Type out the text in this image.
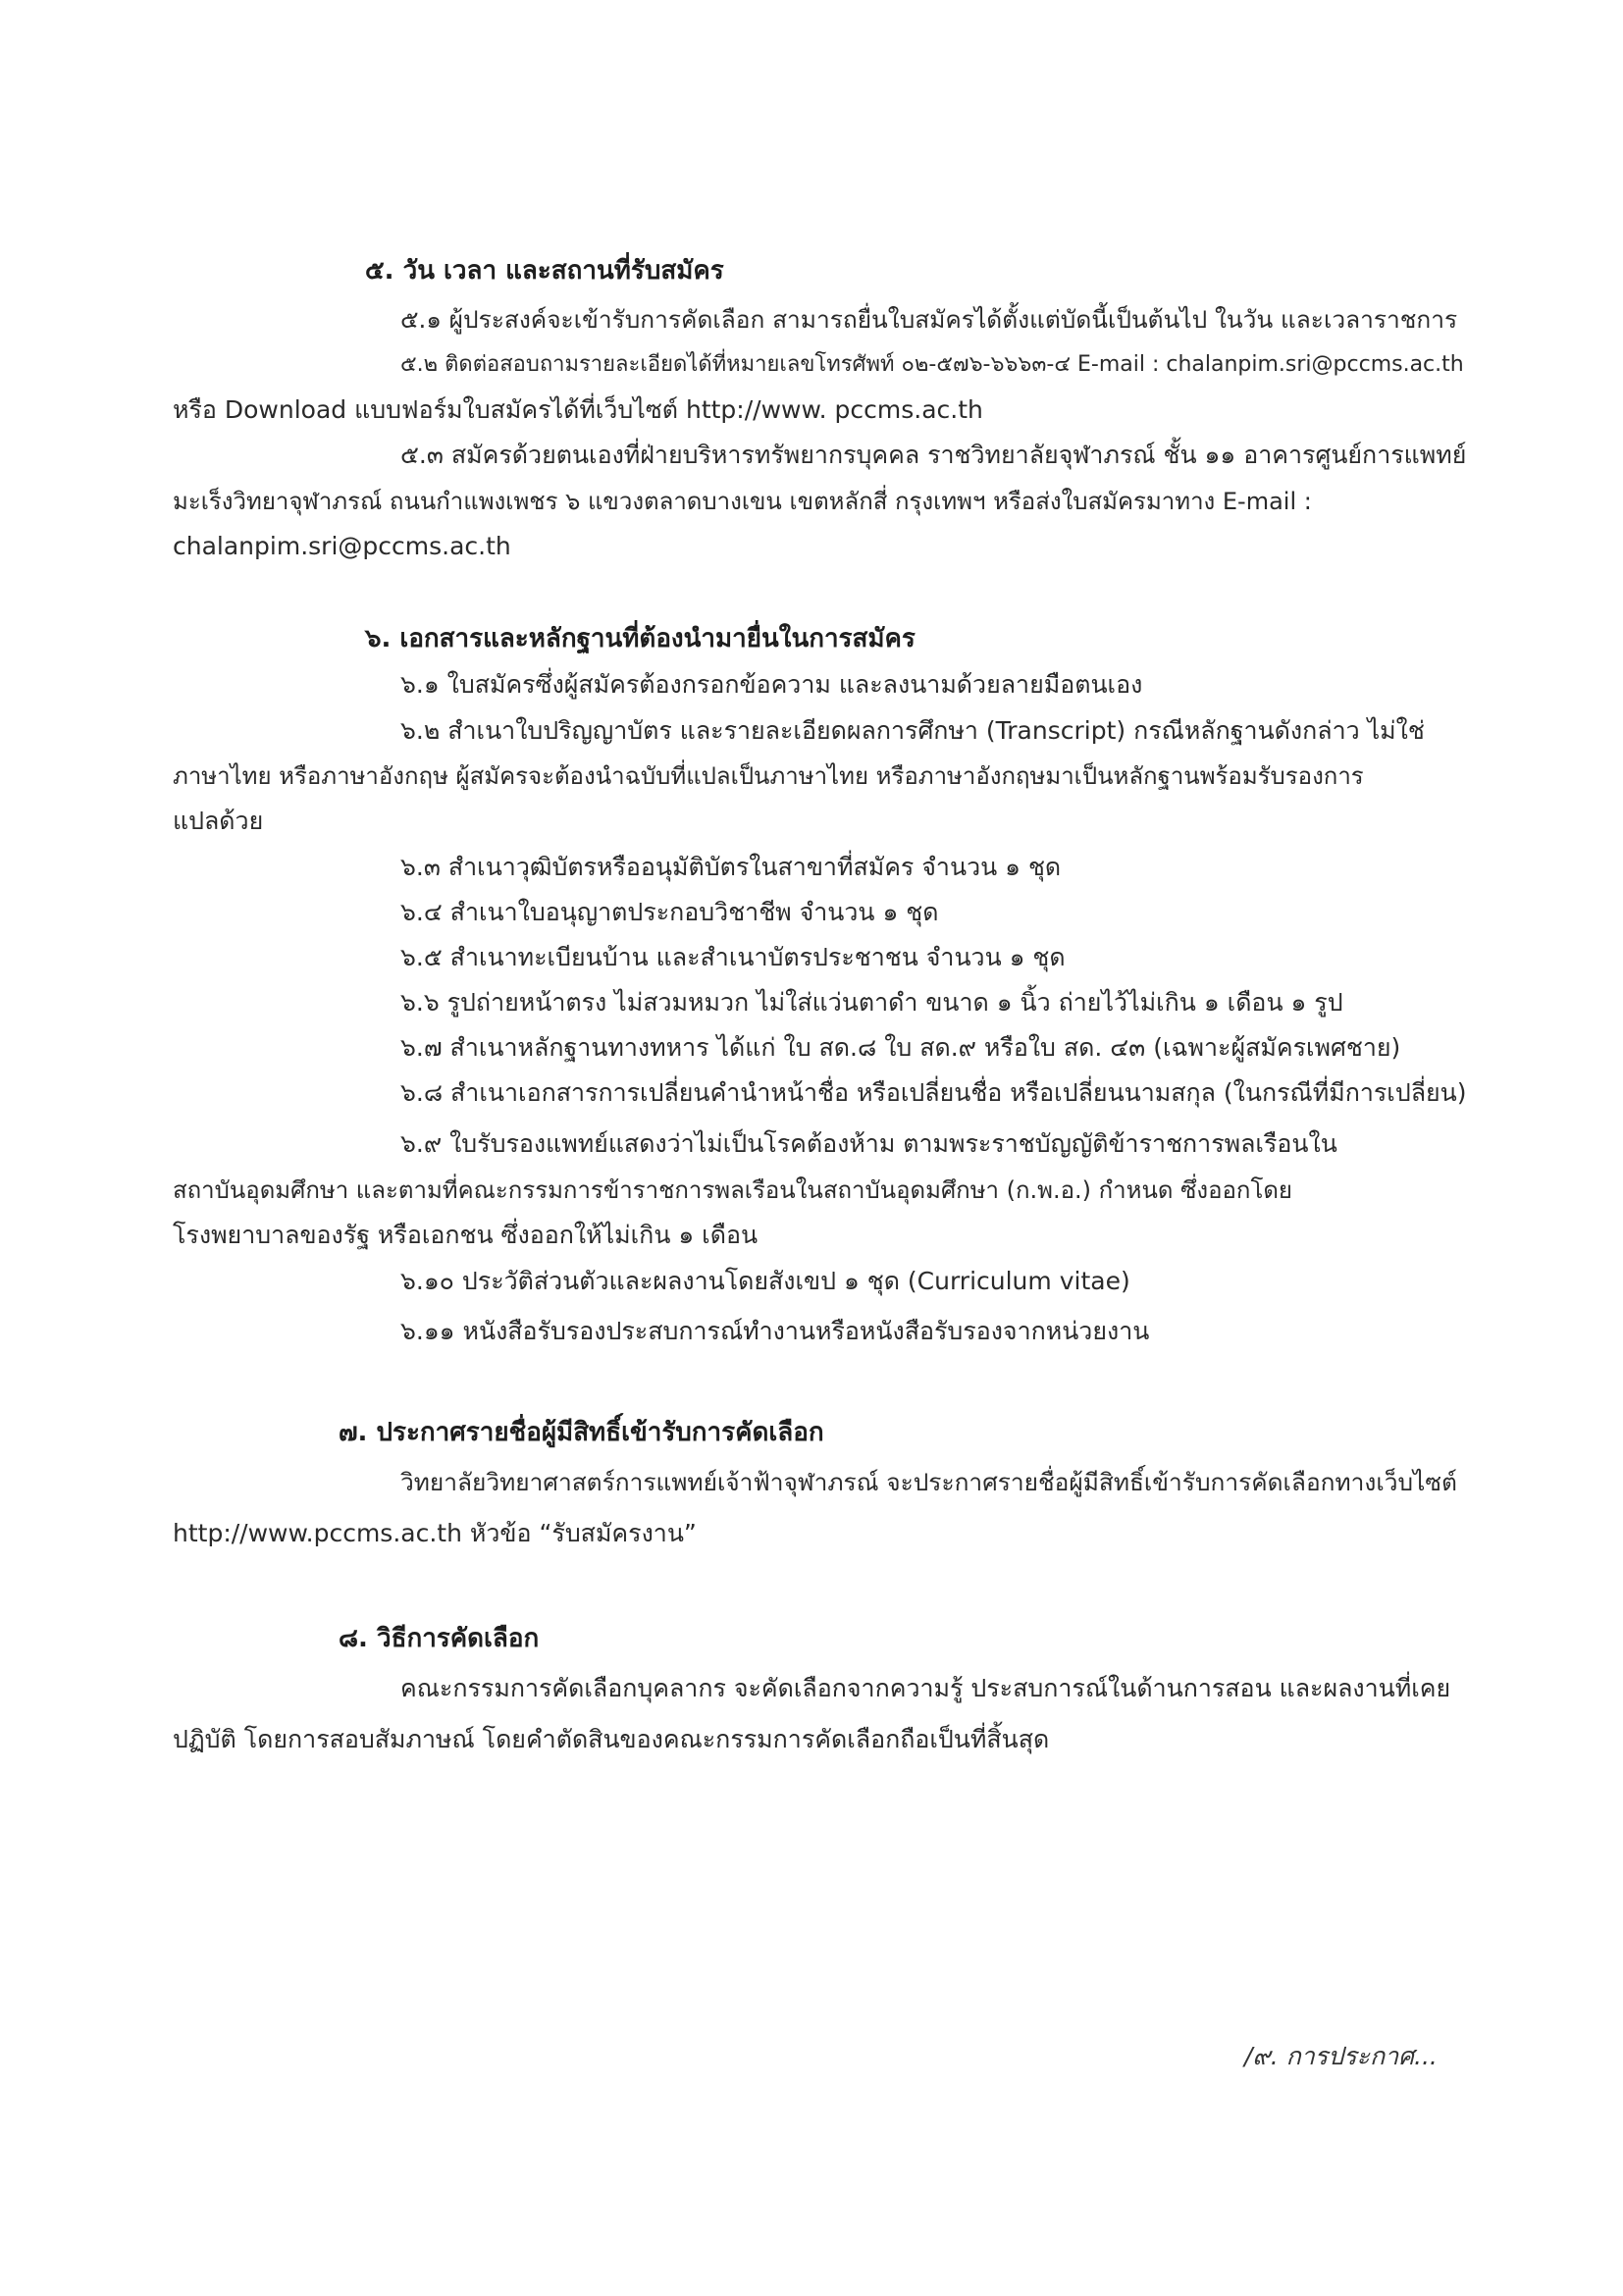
๕. วัน เวลา และสถานที่รับสมัคร
๕.๑ ผู้ประสงค์จะเข้ารับการคัดเลือก สามารถยื่นใบสมัครได้ตั้งแต่บัดนี้เป็นต้นไป ในวัน และเวลาราชการ
๕.๒ ติดต่อสอบถามรายละเอียดได้ที่หมายเลขโทรศัพท์ ๐๒-๕๗๖-๖๖๖๓-๔ E-mail : chalanpim.sri@pccms.ac.th
หรือ Download แบบฟอร์มใบสมัครได้ที่เว็บไซต์ http://www. pccms.ac.th
๕.๓ สมัครด้วยตนเองที่ฝ่ายบริหารทรัพยากรบุคคล ราชวิทยาลัยจุฬาภรณ์ ชั้น ๑๑ อาคารศูนย์การแพทย์
มะเร็งวิทยาจุฬาภรณ์ ถนนกำแพงเพชร ๖ แขวงตลาดบางเขน เขตหลักสี่ กรุงเทพฯ หรือส่งใบสมัครมาทาง E-mail :
chalanpim.sri@pccms.ac.th
๖. เอกสารและหลักฐานที่ต้องนำมายื่นในการสมัคร
๖.๑ ใบสมัครซึ่งผู้สมัครต้องกรอกข้อความ และลงนามด้วยลายมือตนเอง
๖.๒ สำเนาใบปริญญาบัตร และรายละเอียดผลการศึกษา (Transcript) กรณีหลักฐานดังกล่าว ไม่ใช่
ภาษาไทย หรือภาษาอังกฤษ ผู้สมัครจะต้องนำฉบับที่แปลเป็นภาษาไทย หรือภาษาอังกฤษมาเป็นหลักฐานพร้อมรับรองการ
แปลด้วย
๖.๓ สำเนาวุฒิบัตรหรืออนุมัติบัตรในสาขาที่สมัคร จำนวน ๑ ชุด
๖.๔ สำเนาใบอนุญาตประกอบวิชาชีพ จำนวน ๑ ชุด
๖.๕ สำเนาทะเบียนบ้าน และสำเนาบัตรประชาชน จำนวน ๑ ชุด
๖.๖ รูปถ่ายหน้าตรง ไม่สวมหมวก ไม่ใส่แว่นตาดำ ขนาด ๑ นิ้ว ถ่ายไว้ไม่เกิน ๑ เดือน ๑ รูป
๖.๗ สำเนาหลักฐานทางทหาร ได้แก่ ใบ สด.๘ ใบ สด.๙ หรือใบ สด. ๔๓ (เฉพาะผู้สมัครเพศชาย)
๖.๘ สำเนาเอกสารการเปลี่ยนคำนำหน้าชื่อ หรือเปลี่ยนชื่อ หรือเปลี่ยนนามสกุล (ในกรณีที่มีการเปลี่ยน)
๖.๙ ใบรับรองแพทย์แสดงว่าไม่เป็นโรคต้องห้าม ตามพระราชบัญญัติข้าราชการพลเรือนใน
สถาบันอุดมศึกษา และตามที่คณะกรรมการข้าราชการพลเรือนในสถาบันอุดมศึกษา (ก.พ.อ.) กำหนด ซึ่งออกโดย
โรงพยาบาลของรัฐ หรือเอกชน ซึ่งออกให้ไม่เกิน ๑ เดือน
๖.๑๐ ประวัติส่วนตัวและผลงานโดยสังเขป ๑ ชุด (Curriculum vitae)
๖.๑๑ หนังสือรับรองประสบการณ์ทำงานหรือหนังสือรับรองจากหน่วยงาน
๗. ประกาศรายชื่อผู้มีสิทธิ์เข้ารับการคัดเลือก
วิทยาลัยวิทยาศาสตร์การแพทย์เจ้าฟ้าจุฬาภรณ์ จะประกาศรายชื่อผู้มีสิทธิ์เข้ารับการคัดเลือกทางเว็บไซต์
http://www.pccms.ac.th หัวข้อ “รับสมัครงาน”
๘. วิธีการคัดเลือก
คณะกรรมการคัดเลือกบุคลากร จะคัดเลือกจากความรู้ ประสบการณ์ในด้านการสอน และผลงานที่เคย
ปฏิบัติ โดยการสอบสัมภาษณ์ โดยคำตัดสินของคณะกรรมการคัดเลือกถือเป็นที่สิ้นสุด
/๙. การประกาศ...
